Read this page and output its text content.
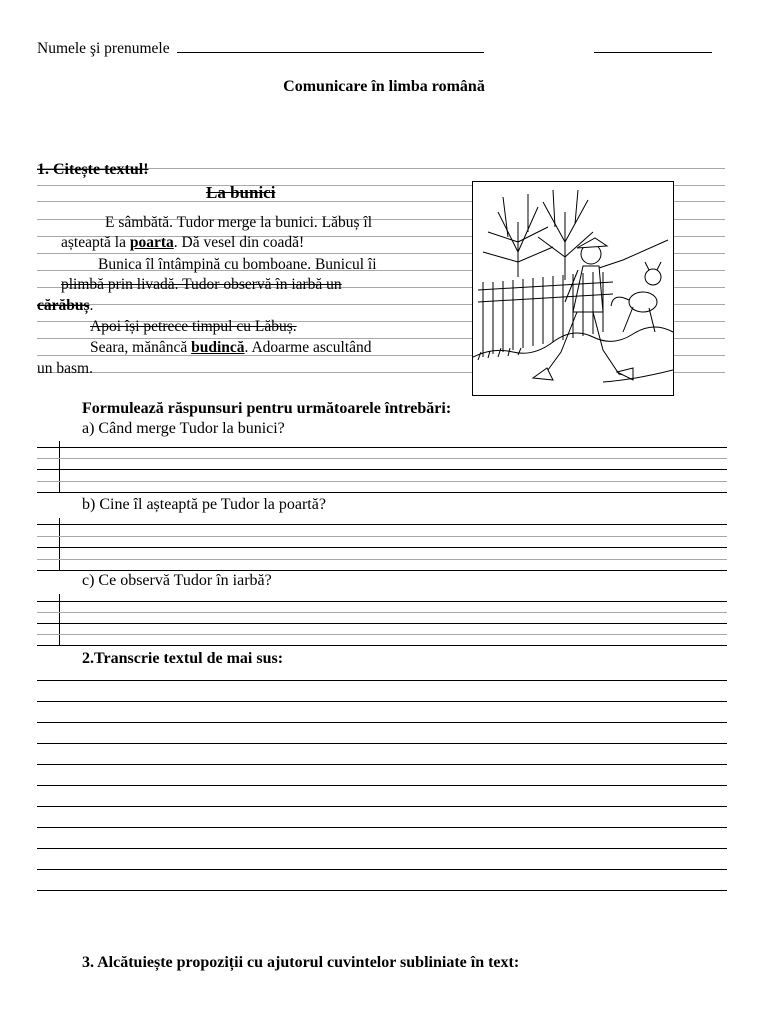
Numele şi prenumele
Comunicare în limba română
1. Citește textul!
La bunici
E sâmbătă. Tudor merge la bunici. Lăbuș îl
așteaptă la poarta. Dă vesel din coadă!
Bunica îl întâmpină cu bomboane. Bunicul îi
plimbă prin livadă. Tudor observă în iarbă un
cărăbuș.
Apoi își petrece timpul cu Lăbuș.
Seara, mănâncă budincă. Adoarme ascultând
un basm.
Formulează răspunsuri pentru următoarele întrebări:
a) Când merge Tudor la bunici?
b) Cine îl așteaptă pe Tudor la poartă?
c) Ce observă Tudor în iarbă?
2.Transcrie textul de mai sus:
3. Alcătuiește propoziții cu ajutorul cuvintelor subliniate în text:
